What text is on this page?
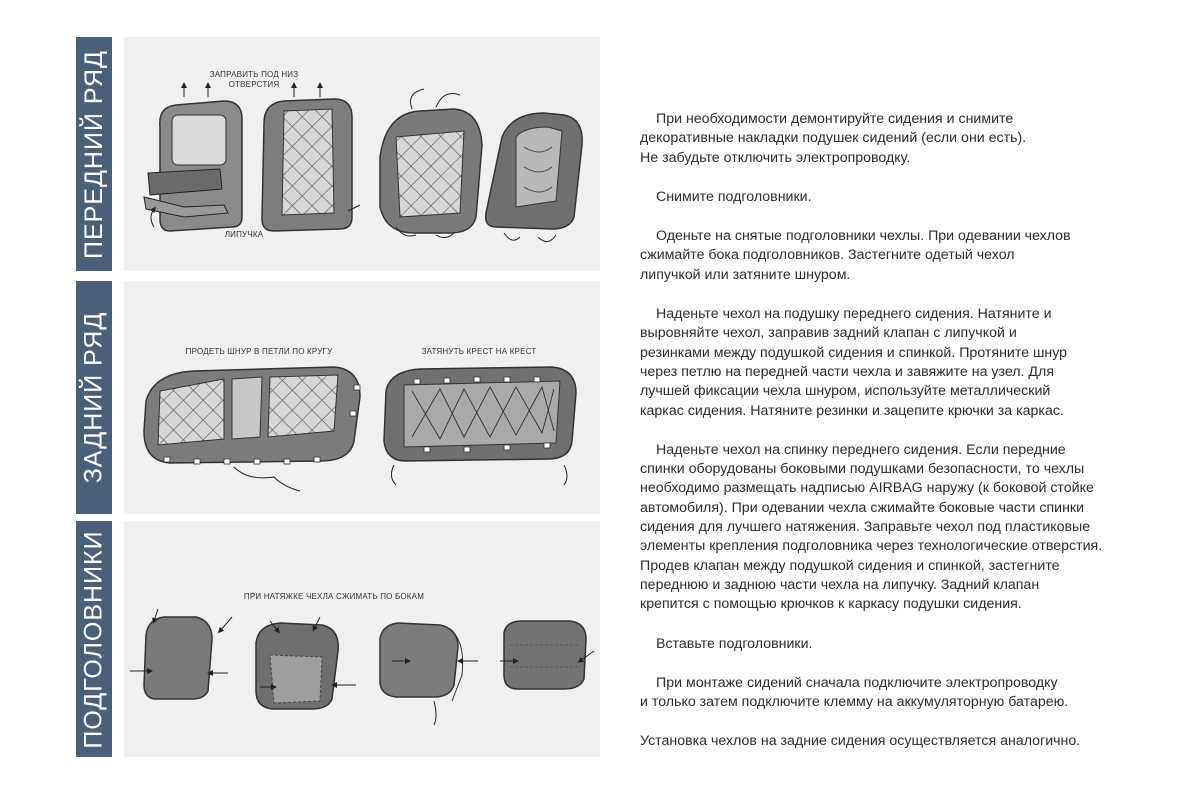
ПЕРЕДНИЙ РЯД	ЗАПРАВИТЬ ПОД НИЗ
ОТВЕРСТИЯ
ЛИПУЧКА
ЗАДНИЙ РЯД	ПРОДЕТЬ ШНУР В ПЕТЛИ ПО КРУГУ	ЗАТЯНУТЬ КРЕСТ НА КРЕСТ
ПОДГОЛОВНИКИ	ПРИ НАТЯЖКЕ ЧЕХЛА СЖИМАТЬ ПО БОКАМ

При необходимости демонтируйте сидения и снимите
декоративные накладки подушек сидений (если они есть).
Не забудьте отключить электропроводку.

Снимите подголовники.

Оденьте на снятые подголовники чехлы. При одевании чехлов
сжимайте бока подголовников. Застегните одетый чехол
липучкой или затяните шнуром.

Наденьте чехол на подушку переднего сидения. Натяните и
выровняйте чехол, заправив задний клапан с липучкой и
резинками между подушкой сидения и спинкой. Протяните шнур
через петлю на передней части чехла и завяжите на узел. Для
лучшей фиксации чехла шнуром, используйте металлический
каркас сидения. Натяните резинки и зацепите крючки за каркас.

Наденьте чехол на спинку переднего сидения. Если передние
спинки оборудованы боковыми подушками безопасности, то чехлы
необходимо размещать надписью AIRBAG наружу (к боковой стойке
автомобиля). При одевании чехла сжимайте боковые части спинки
сидения для лучшего натяжения. Заправьте чехол под пластиковые
элементы крепления подголовника через технологические отверстия.
Продев клапан между подушкой сидения и спинкой, застегните
переднюю и заднюю части чехла на липучку. Задний клапан
крепится с помощью крючков к каркасу подушки сидения.

Вставьте подголовники.

При монтаже сидений сначала подключите электропроводку
и только затем подключите клемму на аккумуляторную батарею.

Установка чехлов на задние сидения осуществляется аналогично.
